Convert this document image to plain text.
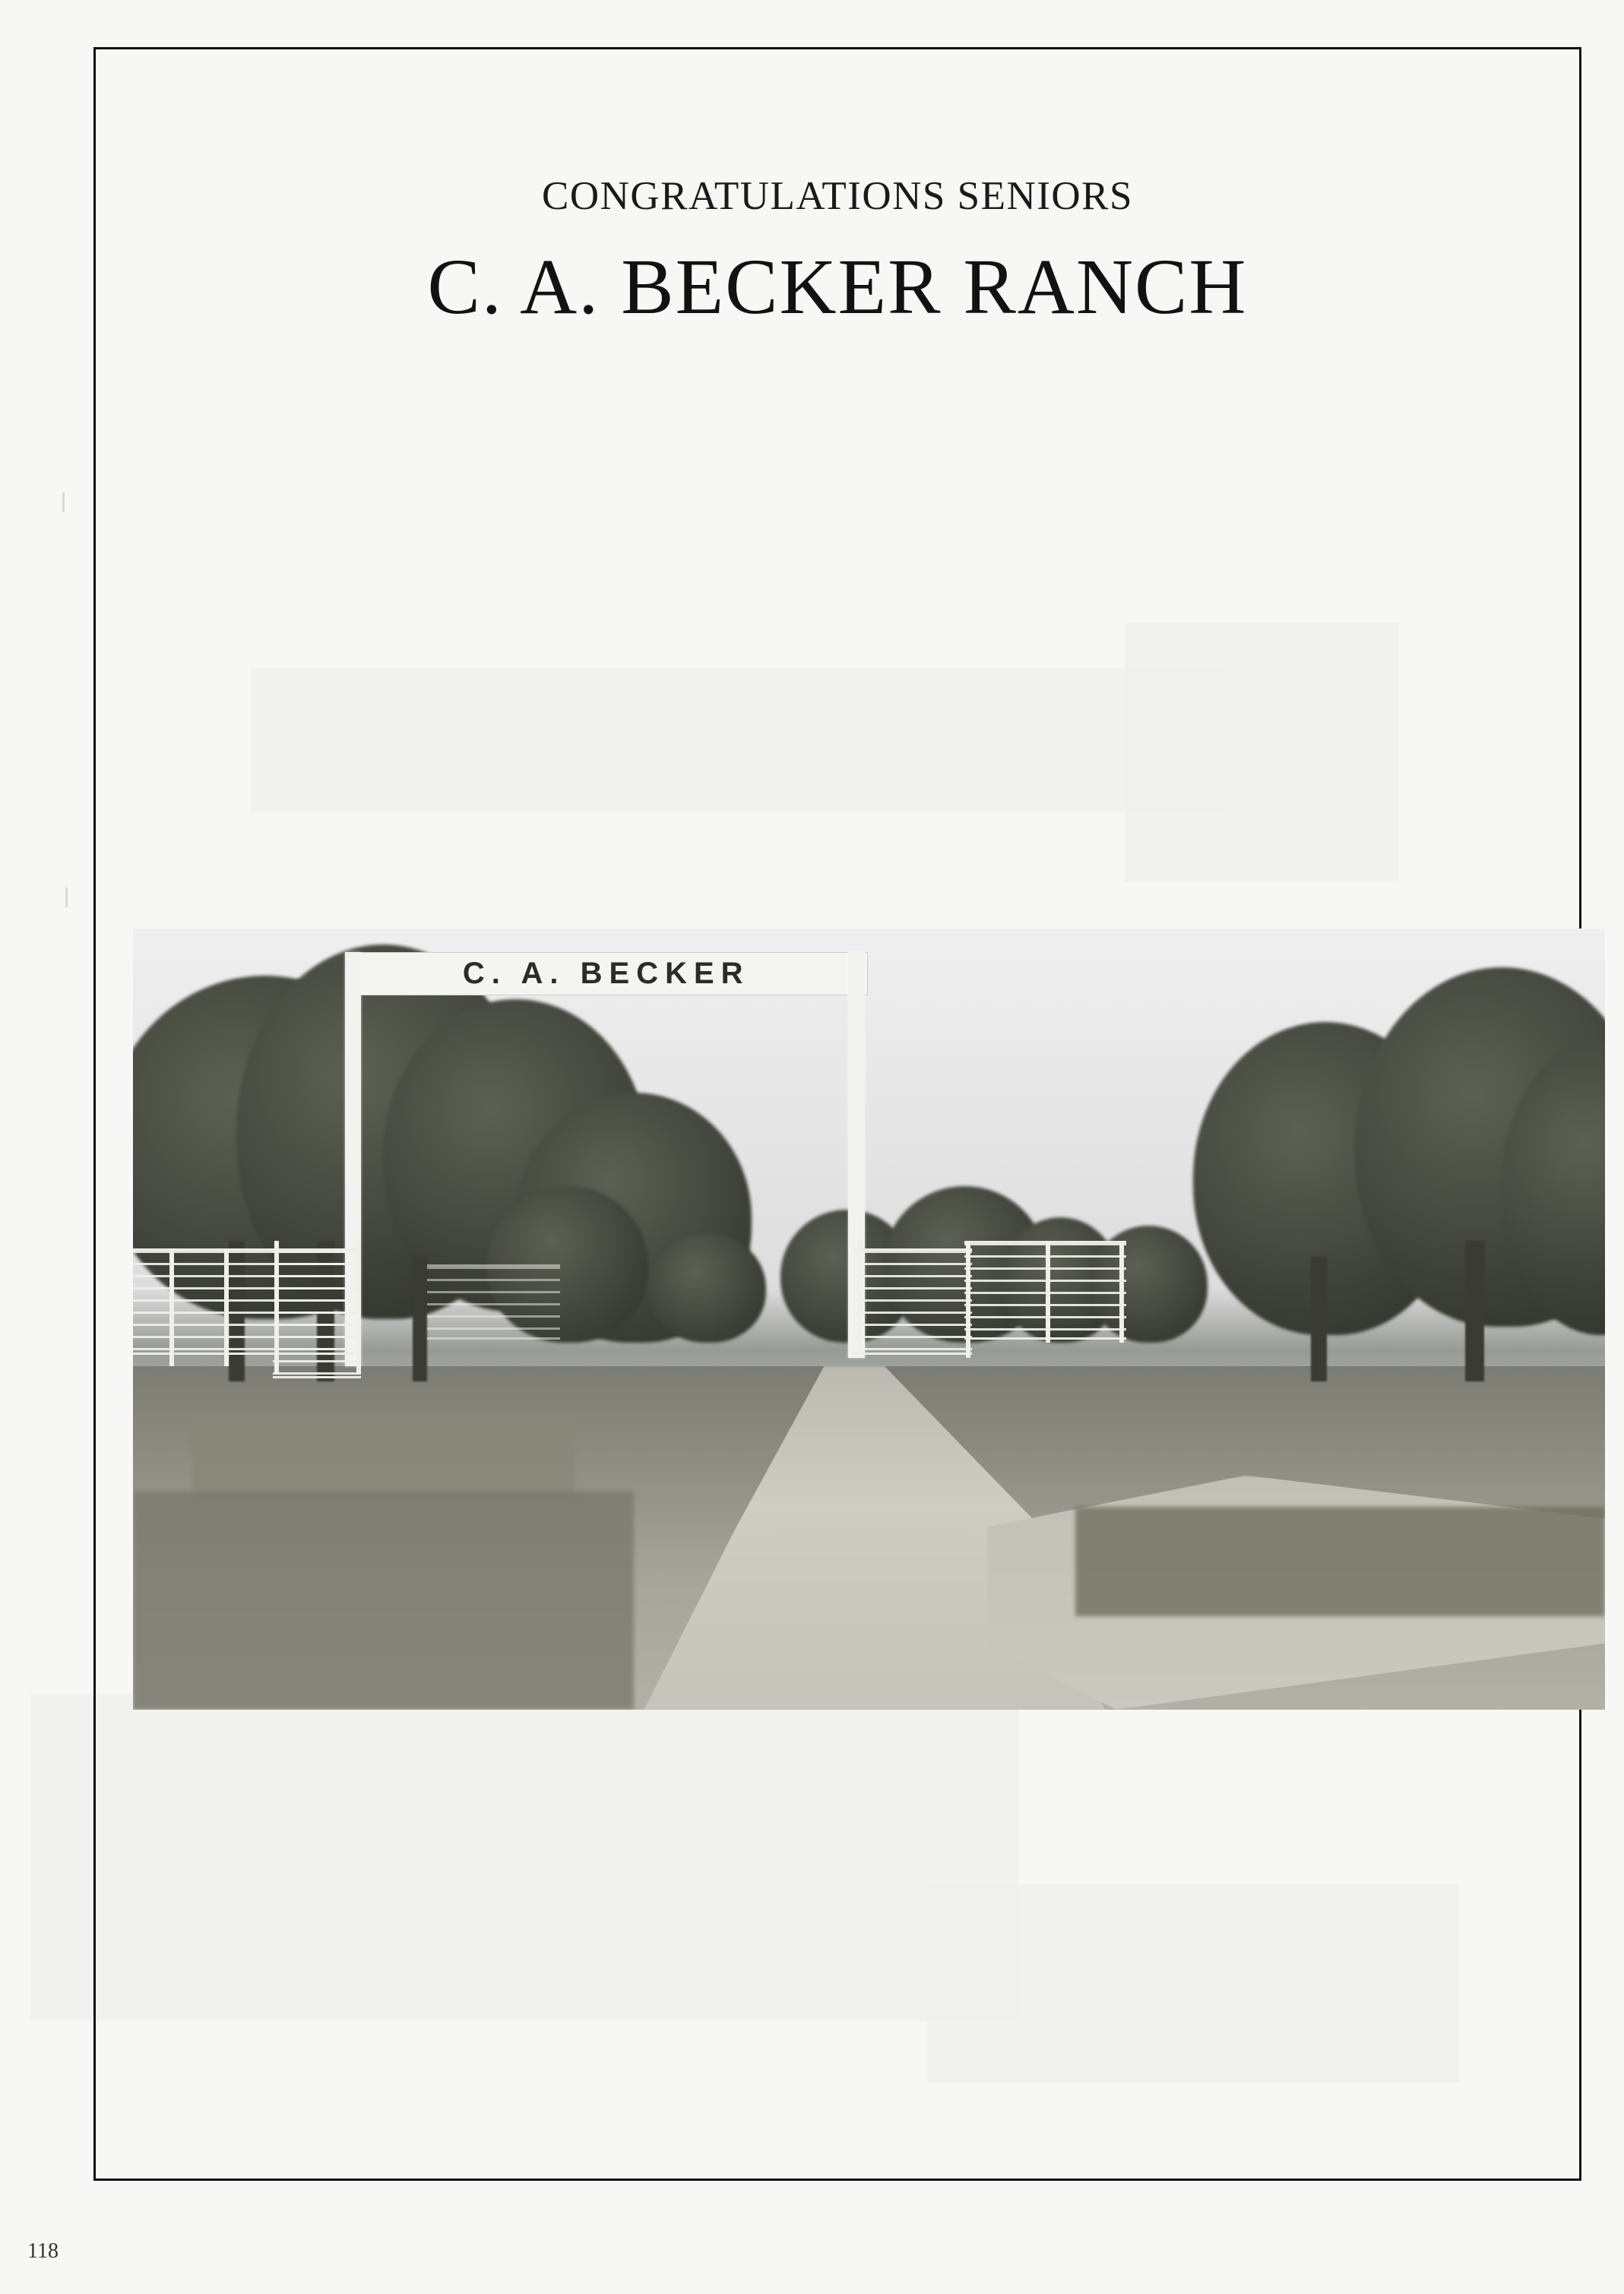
CONGRATULATIONS SENIORS
C. A. BECKER RANCH
C. A. BECKER
118
